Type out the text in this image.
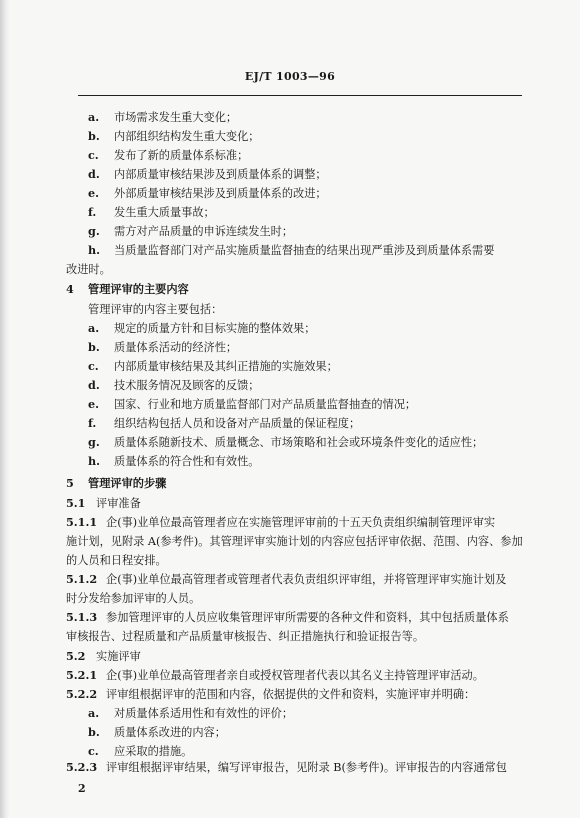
EJ/T 1003—96
a. 市场需求发生重大变化；
b. 内部组织结构发生重大变化；
c. 发布了新的质量体系标准；
d. 内部质量审核结果涉及到质量体系的调整；
e. 外部质量审核结果涉及到质量体系的改进；
f. 发生重大质量事故；
g. 需方对产品质量的申诉连续发生时；
h. 当质量监督部门对产品实施质量监督抽查的结果出现严重涉及到质量体系需要
改进时。
4 管理评审的主要内容
管理评审的内容主要包括：
a. 规定的质量方针和目标实施的整体效果；
b. 质量体系活动的经济性；
c. 内部质量审核结果及其纠正措施的实施效果；
d. 技术服务情况及顾客的反馈；
e. 国家、行业和地方质量监督部门对产品质量监督抽查的情况；
f. 组织结构包括人员和设备对产品质量的保证程度；
g. 质量体系随新技术、质量概念、市场策略和社会或环境条件变化的适应性；
h. 质量体系的符合性和有效性。
5 管理评审的步骤
5.1 评审准备
5.1.1 企(事)业单位最高管理者应在实施管理评审前的十五天负责组织编制管理评审实
施计划，见附录 A(参考件)。其管理评审实施计划的内容应包括评审依据、范围、内容、参加
的人员和日程安排。
5.1.2 企(事)业单位最高管理者或管理者代表负责组织评审组，并将管理评审实施计划及
时分发给参加评审的人员。
5.1.3 参加管理评审的人员应收集管理评审所需要的各种文件和资料，其中包括质量体系
审核报告、过程质量和产品质量审核报告、纠正措施执行和验证报告等。
5.2 实施评审
5.2.1 企(事)业单位最高管理者亲自或授权管理者代表以其名义主持管理评审活动。
5.2.2 评审组根据评审的范围和内容，依据提供的文件和资料，实施评审并明确：
a. 对质量体系适用性和有效性的评价；
b. 质量体系改进的内容；
c. 应采取的措施。
5.2.3 评审组根据评审结果，编写评审报告，见附录 B(参考件)。评审报告的内容通常包
2
